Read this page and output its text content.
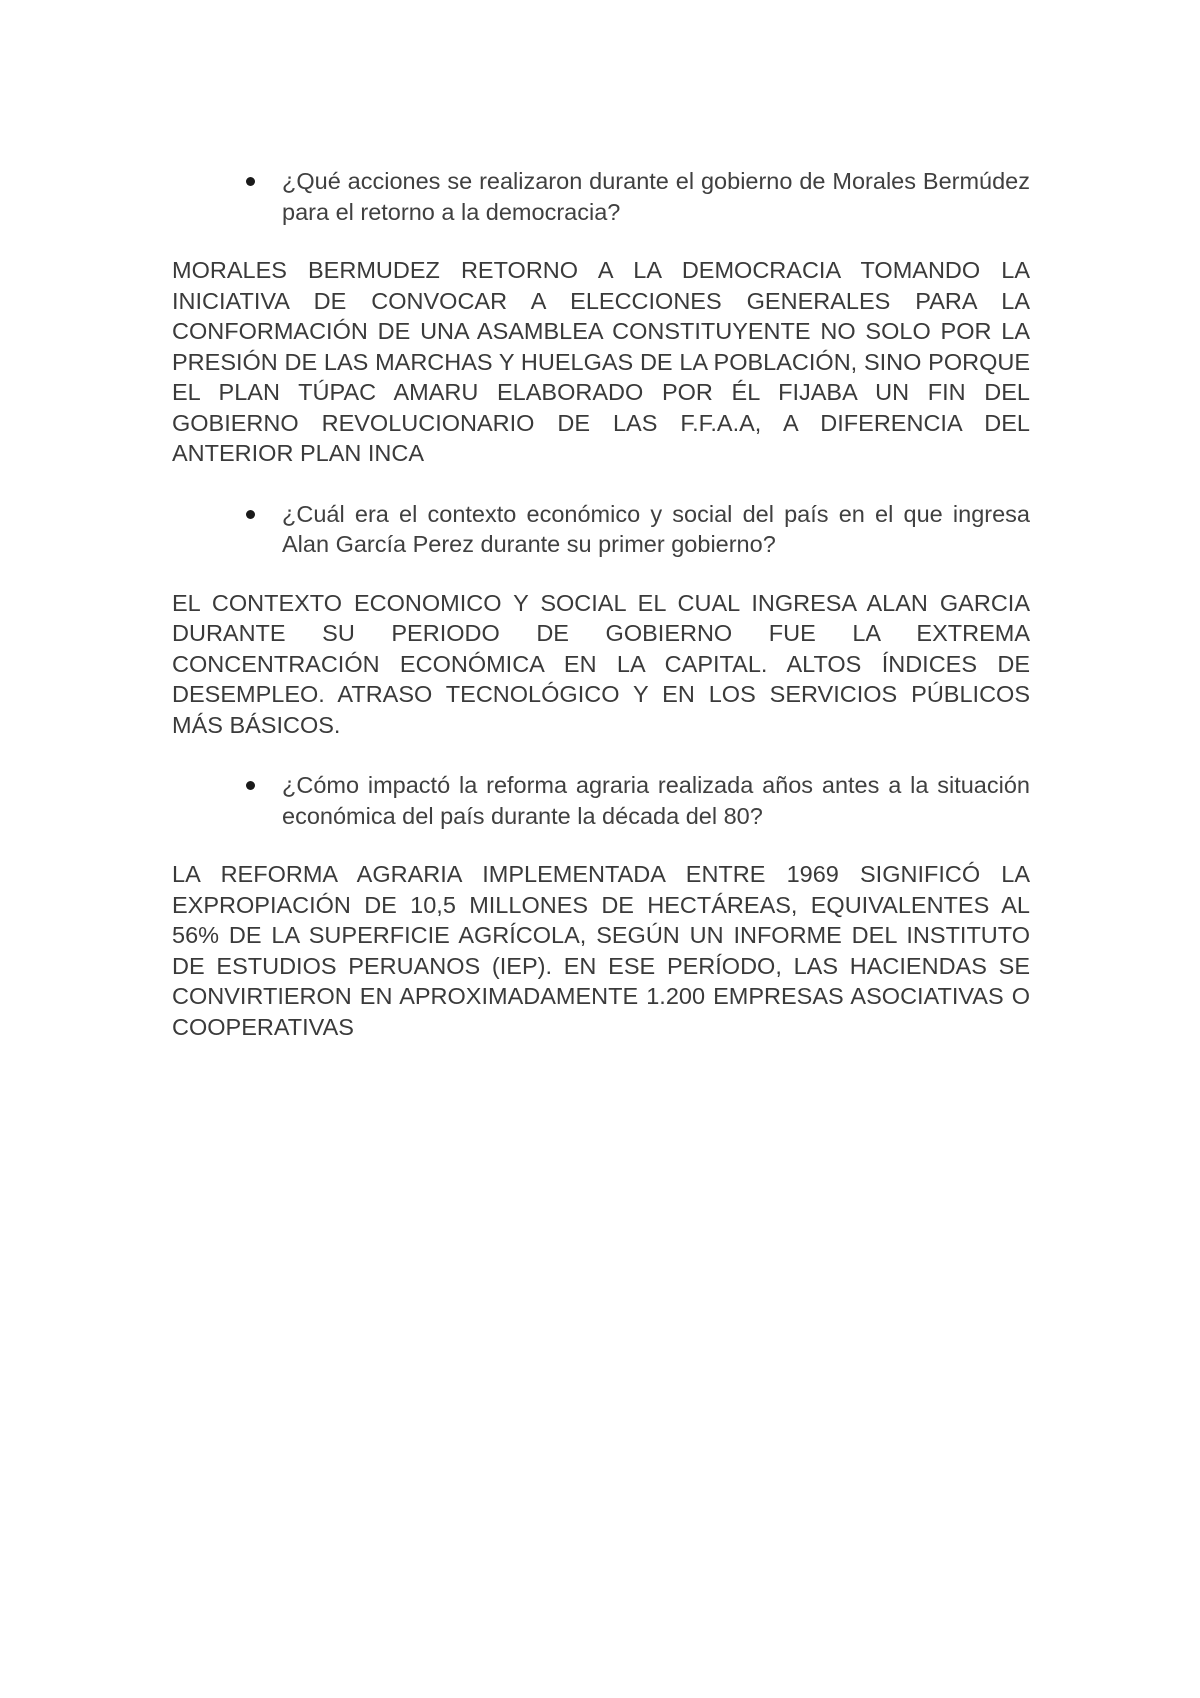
¿Qué acciones se realizaron durante el gobierno de Morales Bermúdez para el retorno a la democracia?

MORALES BERMUDEZ RETORNO A LA DEMOCRACIA TOMANDO LA INICIATIVA DE CONVOCAR A ELECCIONES GENERALES PARA LA CONFORMACIÓN DE UNA ASAMBLEA CONSTITUYENTE NO SOLO POR LA PRESIÓN DE LAS MARCHAS Y HUELGAS DE LA POBLACIÓN, SINO PORQUE EL PLAN TÚPAC AMARU ELABORADO POR ÉL FIJABA UN FIN DEL GOBIERNO REVOLUCIONARIO DE LAS F.F.A.A, A DIFERENCIA DEL ANTERIOR PLAN INCA

¿Cuál era el contexto económico y social del país en el que ingresa Alan García Perez durante su primer gobierno?

EL CONTEXTO ECONOMICO Y SOCIAL EL CUAL INGRESA ALAN GARCIA DURANTE SU PERIODO DE GOBIERNO FUE LA EXTREMA CONCENTRACIÓN ECONÓMICA EN LA CAPITAL. ALTOS ÍNDICES DE DESEMPLEO. ATRASO TECNOLÓGICO Y EN LOS SERVICIOS PÚBLICOS MÁS BÁSICOS.

¿Cómo impactó la reforma agraria realizada años antes a la situación económica del país durante la década del 80?

LA REFORMA AGRARIA IMPLEMENTADA ENTRE 1969 SIGNIFICÓ LA EXPROPIACIÓN DE 10,5 MILLONES DE HECTÁREAS, EQUIVALENTES AL 56% DE LA SUPERFICIE AGRÍCOLA, SEGÚN UN INFORME DEL INSTITUTO DE ESTUDIOS PERUANOS (IEP). EN ESE PERÍODO, LAS HACIENDAS SE CONVIRTIERON EN APROXIMADAMENTE 1.200 EMPRESAS ASOCIATIVAS O COOPERATIVAS
